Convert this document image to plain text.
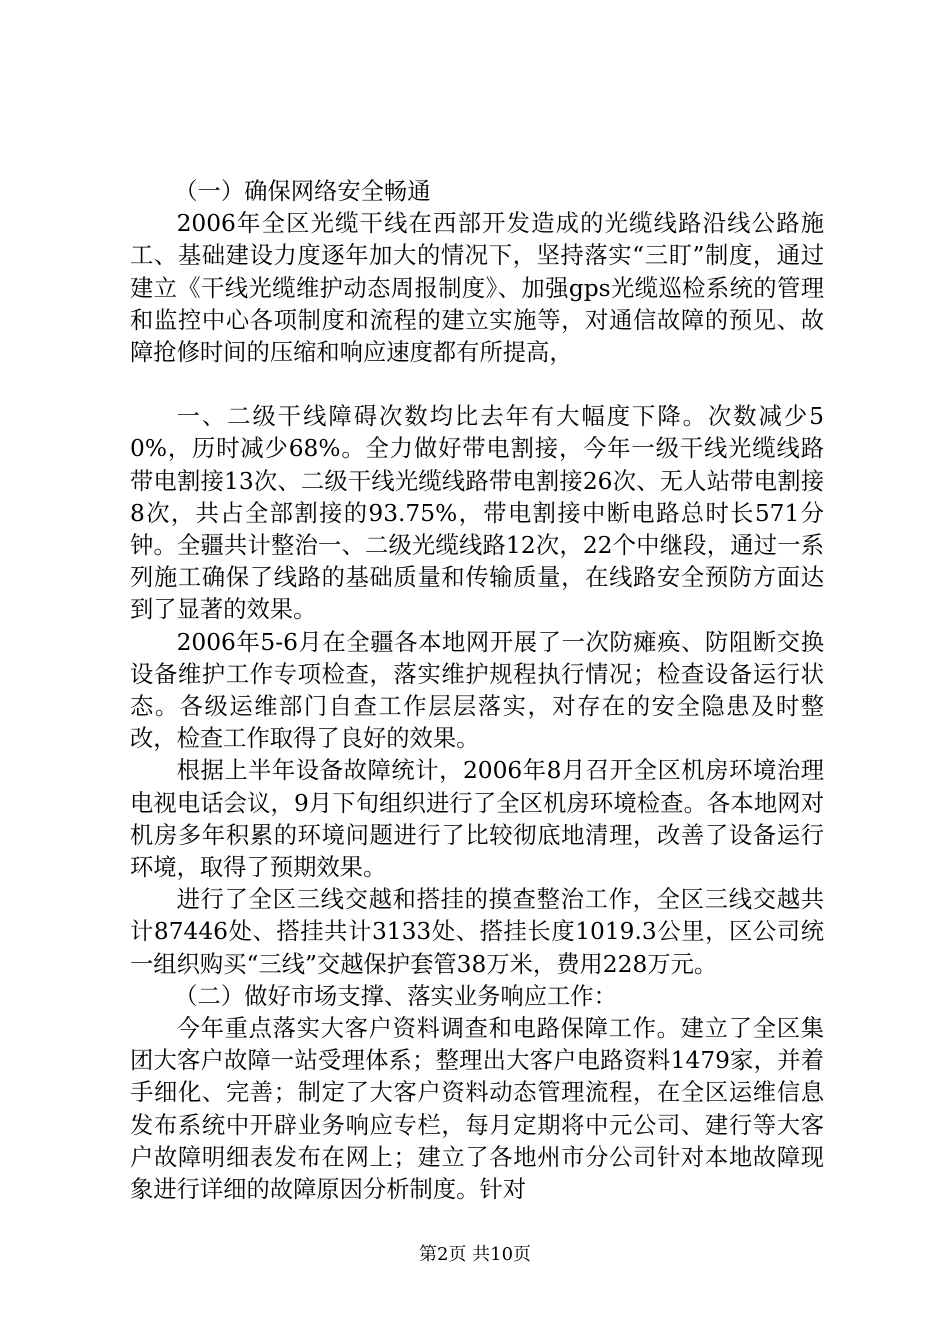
（一）确保网络安全畅通

2006年全区光缆干线在西部开发造成的光缆线路沿线公路施工、基础建设力度逐年加大的情况下，坚持落实“三盯”制度，通过建立《干线光缆维护动态周报制度》、加强gps光缆巡检系统的管理和监控中心各项制度和流程的建立实施等，对通信故障的预见、故障抢修时间的压缩和响应速度都有所提高，

一、二级干线障碍次数均比去年有大幅度下降。次数减少50%，历时减少68%。全力做好带电割接，今年一级干线光缆线路带电割接13次、二级干线光缆线路带电割接26次、无人站带电割接8次，共占全部割接的93.75%，带电割接中断电路总时长571分钟。全疆共计整治一、二级光缆线路12次，22个中继段，通过一系列施工确保了线路的基础质量和传输质量，在线路安全预防方面达到了显著的效果。

2006年5-6月在全疆各本地网开展了一次防瘫痪、防阻断交换设备维护工作专项检查，落实维护规程执行情况；检查设备运行状态。各级运维部门自查工作层层落实，对存在的安全隐患及时整改，检查工作取得了良好的效果。

根据上半年设备故障统计，2006年8月召开全区机房环境治理电视电话会议，9月下旬组织进行了全区机房环境检查。各本地网对机房多年积累的环境问题进行了比较彻底地清理，改善了设备运行环境，取得了预期效果。

进行了全区三线交越和搭挂的摸查整治工作，全区三线交越共计87446处、搭挂共计3133处、搭挂长度1019.3公里，区公司统一组织购买“三线”交越保护套管38万米，费用228万元。

（二）做好市场支撑、落实业务响应工作：

今年重点落实大客户资料调查和电路保障工作。建立了全区集团大客户故障一站受理体系；整理出大客户电路资料1479家，并着手细化、完善；制定了大客户资料动态管理流程，在全区运维信息发布系统中开辟业务响应专栏，每月定期将中元公司、建行等大客户故障明细表发布在网上；建立了各地州市分公司针对本地故障现象进行详细的故障原因分析制度。针对

第2页 共10页
